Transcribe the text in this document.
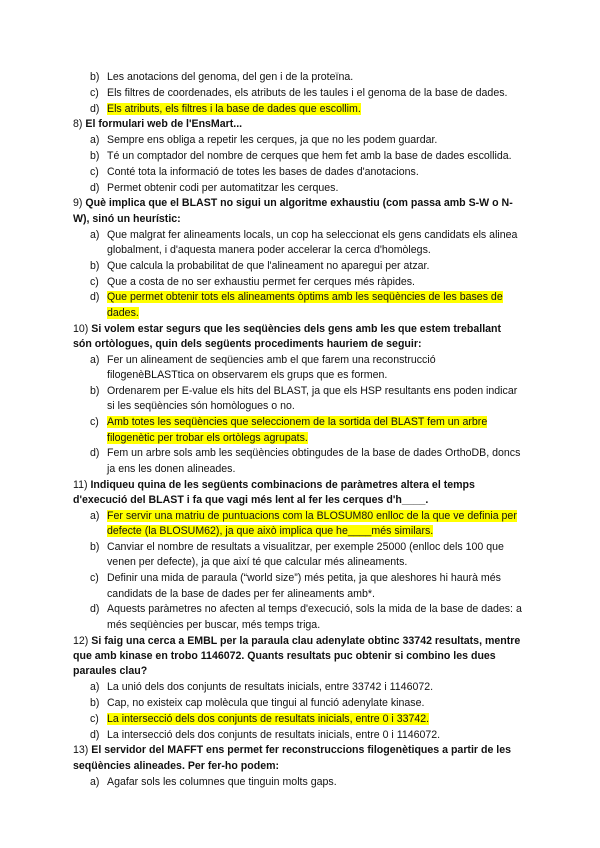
b) Les anotacions del genoma, del gen i de la proteïna.
c) Els filtres de coordenades, els atributs de les taules i el genoma de la base de dades.
d) Els atributs, els filtres i la base de dades que escollim.
8) El formulari web de l'EnsMart...
a) Sempre ens obliga a repetir les cerques, ja que no les podem guardar.
b) Té un comptador del nombre de cerques que hem fet amb la base de dades escollida.
c) Conté tota la informació de totes les bases de dades d'anotacions.
d) Permet obtenir codi per automatitzar les cerques.
9) Què implica que el BLAST no sigui un algoritme exhaustiu (com passa amb S-W o N-W), sinó un heurístic:
a) Que malgrat fer alineaments locals, un cop ha seleccionat els gens candidats els alinea globalment, i d'aquesta manera poder accelerar la cerca d'homòlegs.
b) Que calcula la probabilitat de que l'alineament no aparegui per atzar.
c) Que a costa de no ser exhaustiu permet fer cerques més ràpides.
d) Que permet obtenir tots els alineaments òptims amb les seqüències de les bases de dades.
10) Si volem estar segurs que les seqüències dels gens amb les que estem treballant són ortòlogues, quin dels següents procediments hauriem de seguir:
a) Fer un alineament de seqüencies amb el que farem una reconstrucció filogenèBLASTtica on observarem els grups que es formen.
b) Ordenarem per E-value els hits del BLAST, ja que els HSP resultants ens poden indicar si les seqüències són homòlogues o no.
c) Amb totes les seqüències que seleccionem de la sortida del BLAST fem un arbre filogenètic per trobar els ortòlegs agrupats.
d) Fem un arbre sols amb les seqüències obtingudes de la base de dades OrthoDB, doncs ja ens les donen alineades.
11) Indiqueu quina de les següents combinacions de paràmetres altera el temps d'execució del BLAST i fa que vagi més lent al fer les cerques d'h____.
a) Fer servir una matriu de puntuacions com la BLOSUM80 enlloc de la que ve definia per defecte (la BLOSUM62), ja que això implica que he____més similars.
b) Canviar el nombre de resultats a visualitzar, per exemple 25000 (enlloc dels 100 que venen per defecte), ja que així té que calcular més alineaments.
c) Definir una mida de paraula (“world size”) més petita, ja que aleshores hi haurà més candidats de la base de dades per fer alineaments amb*.
d) Aquests paràmetres no afecten al temps d'execució, sols la mida de la base de dades: a més seqüències per buscar, més temps triga.
12) Si faig una cerca a EMBL per la paraula clau adenylate obtinc 33742 resultats, mentre que amb kinase en trobo 1146072. Quants resultats puc obtenir si combino les dues paraules clau?
a) La unió dels dos conjunts de resultats inicials, entre 33742 i 1146072.
b) Cap, no existeix cap molècula que tingui al funció adenylate kinase.
c) La intersecció dels dos conjunts de resultats inicials, entre 0 i 33742.
d) La intersecció dels dos conjunts de resultats inicials, entre 0 i 1146072.
13) El servidor del MAFFT ens permet fer reconstruccions filogenètiques a partir de les seqüències alineades. Per fer-ho podem:
a) Agafar sols les columnes que tinguin molts gaps.
